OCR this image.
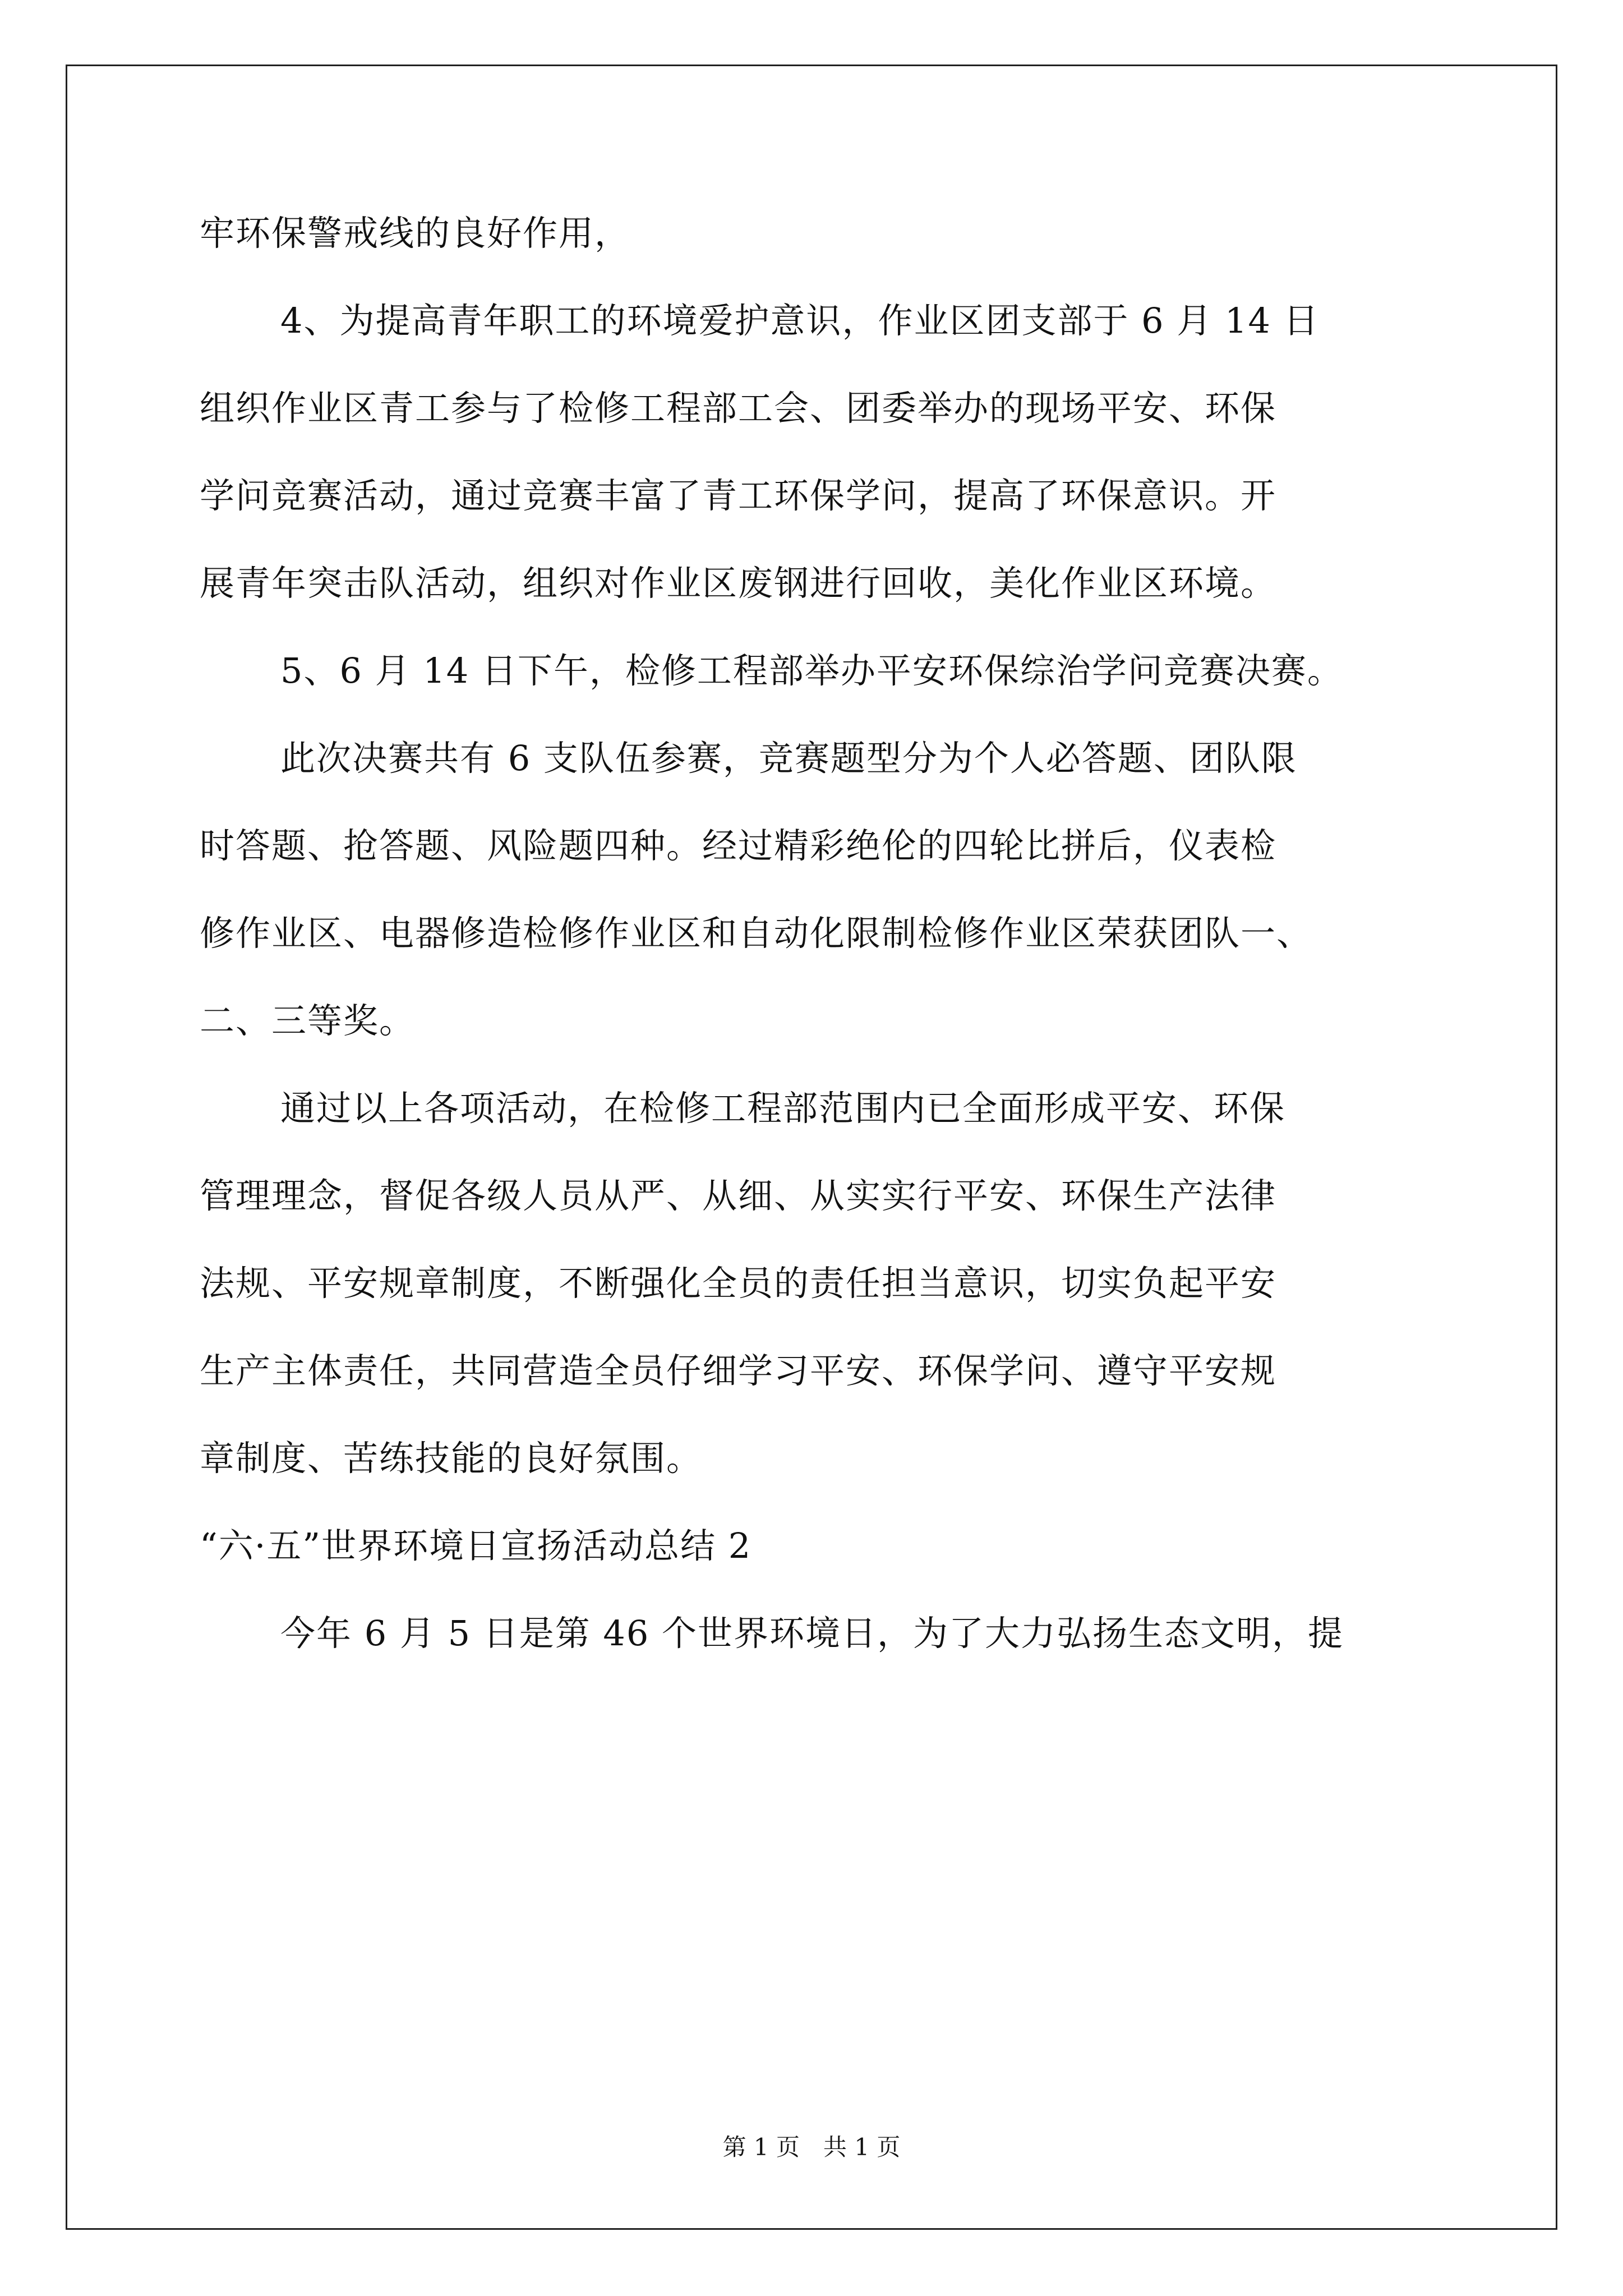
牢环保警戒线的良好作用，
4、为提高青年职工的环境爱护意识，作业区团支部于 6 月 14 日
组织作业区青工参与了检修工程部工会、团委举办的现场平安、环保
学问竞赛活动，通过竞赛丰富了青工环保学问，提高了环保意识。开
展青年突击队活动，组织对作业区废钢进行回收，美化作业区环境。
5、6 月 14 日下午，检修工程部举办平安环保综治学问竞赛决赛。
此次决赛共有 6 支队伍参赛，竞赛题型分为个人必答题、团队限
时答题、抢答题、风险题四种。经过精彩绝伦的四轮比拼后，仪表检
修作业区、电器修造检修作业区和自动化限制检修作业区荣获团队一、
二、三等奖。
通过以上各项活动，在检修工程部范围内已全面形成平安、环保
管理理念，督促各级人员从严、从细、从实实行平安、环保生产法律
法规、平安规章制度，不断强化全员的责任担当意识，切实负起平安
生产主体责任，共同营造全员仔细学习平安、环保学问、遵守平安规
章制度、苦练技能的良好氛围。
“六·五”世界环境日宣扬活动总结 2
今年 6 月 5 日是第 46 个世界环境日，为了大力弘扬生态文明，提
第 1 页　共 1 页
